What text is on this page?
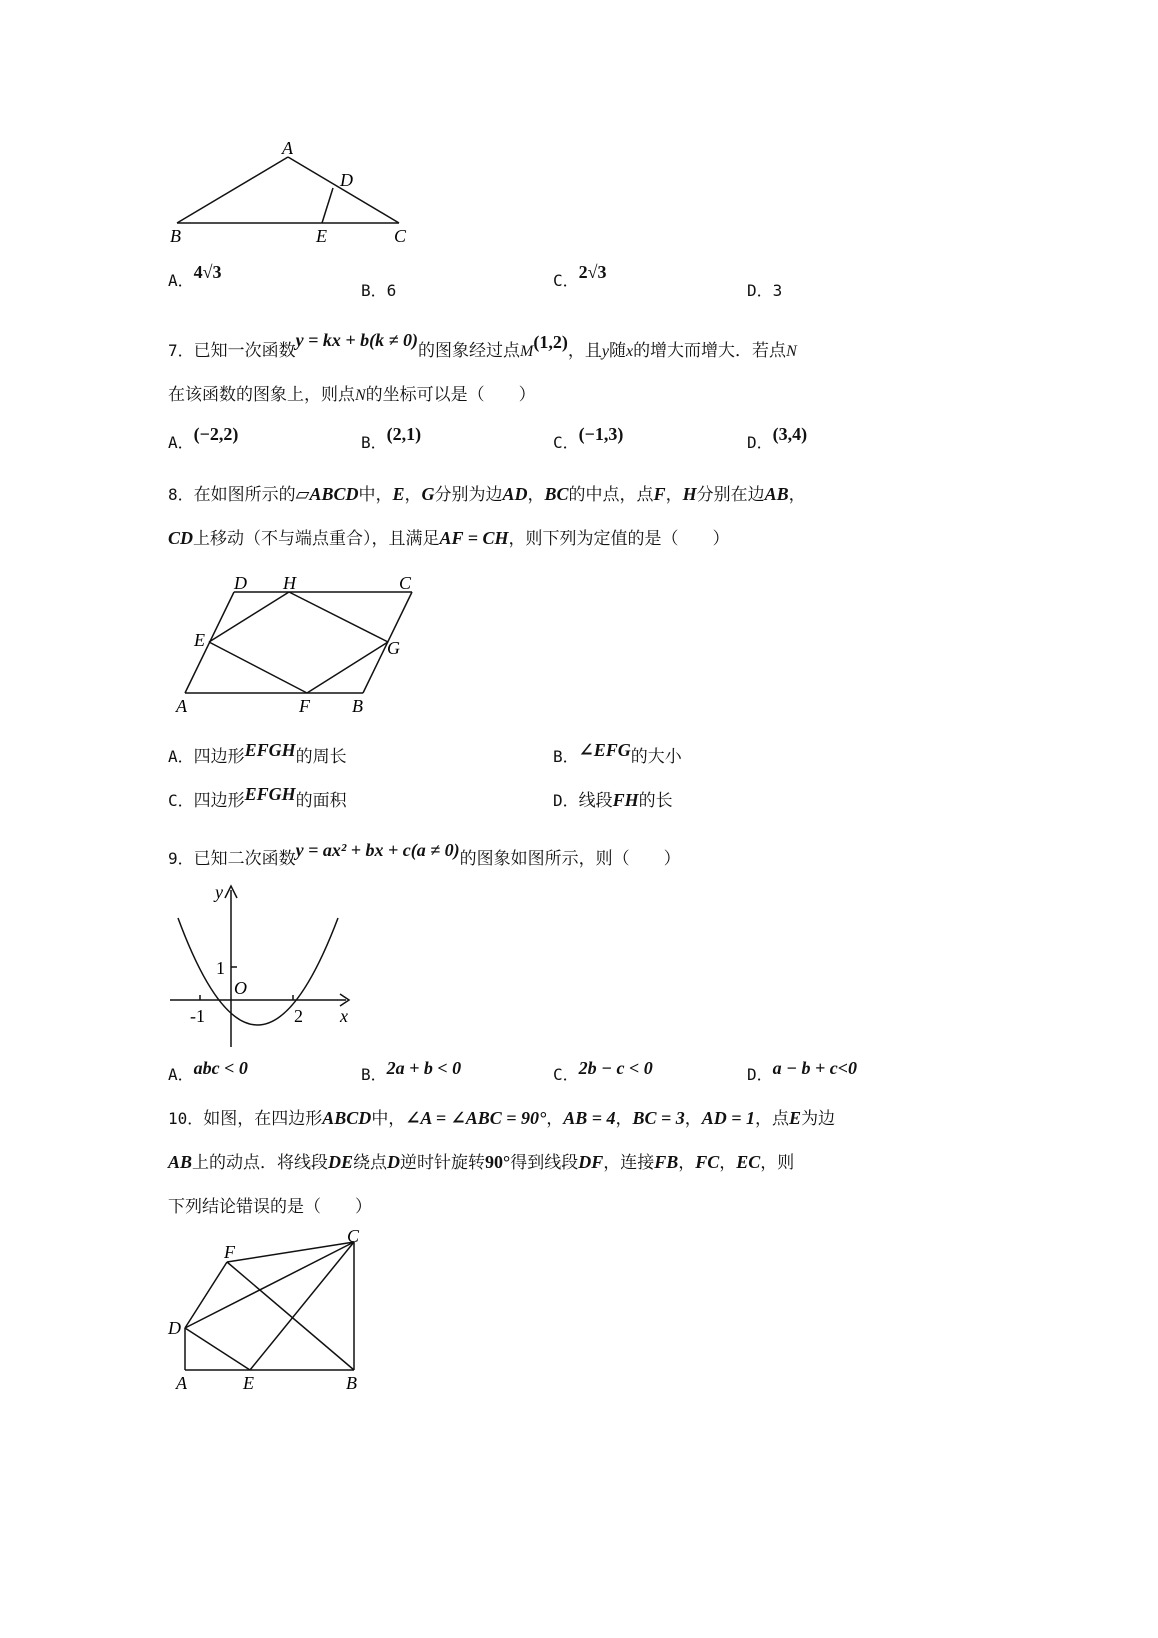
A
D
B	E	C
A．4√3
B．6
C．2√3
D．3
7．已知一次函数y = kx + b(k ≠ 0)的图象经过点M(1,2)，且y随x的增大而增大．若点N
在该函数的图象上，则点N的坐标可以是（　　）
A．(−2,2)	B．(2,1)	C．(−1,3)	D．(3,4)
8．在如图所示的▱ABCD中，E，G分别为边AD，BC的中点，点F，H分别在边AB，
CD上移动（不与端点重合），且满足AF = CH，则下列为定值的是（　　）
D H	C
E	G
A	F B
A．四边形EFGH的周长	B．∠EFG的大小
C．四边形EFGH的面积	D．线段FH的长
9．已知二次函数y = ax² + bx + c(a ≠ 0)的图象如图所示，则（　　）
y
x
1
O
-1	2
A．abc < 0	B．2a + b < 0	C．2b − c < 0	D．a − b + c<0
10．如图，在四边形ABCD中，∠A = ∠ABC = 90°，AB = 4，BC = 3，AD = 1，点E为边
AB上的动点．将线段DE绕点D逆时针旋转90°得到线段DF，连接FB，FC，EC，则
下列结论错误的是（　　）
F
C
D
A	E	B
